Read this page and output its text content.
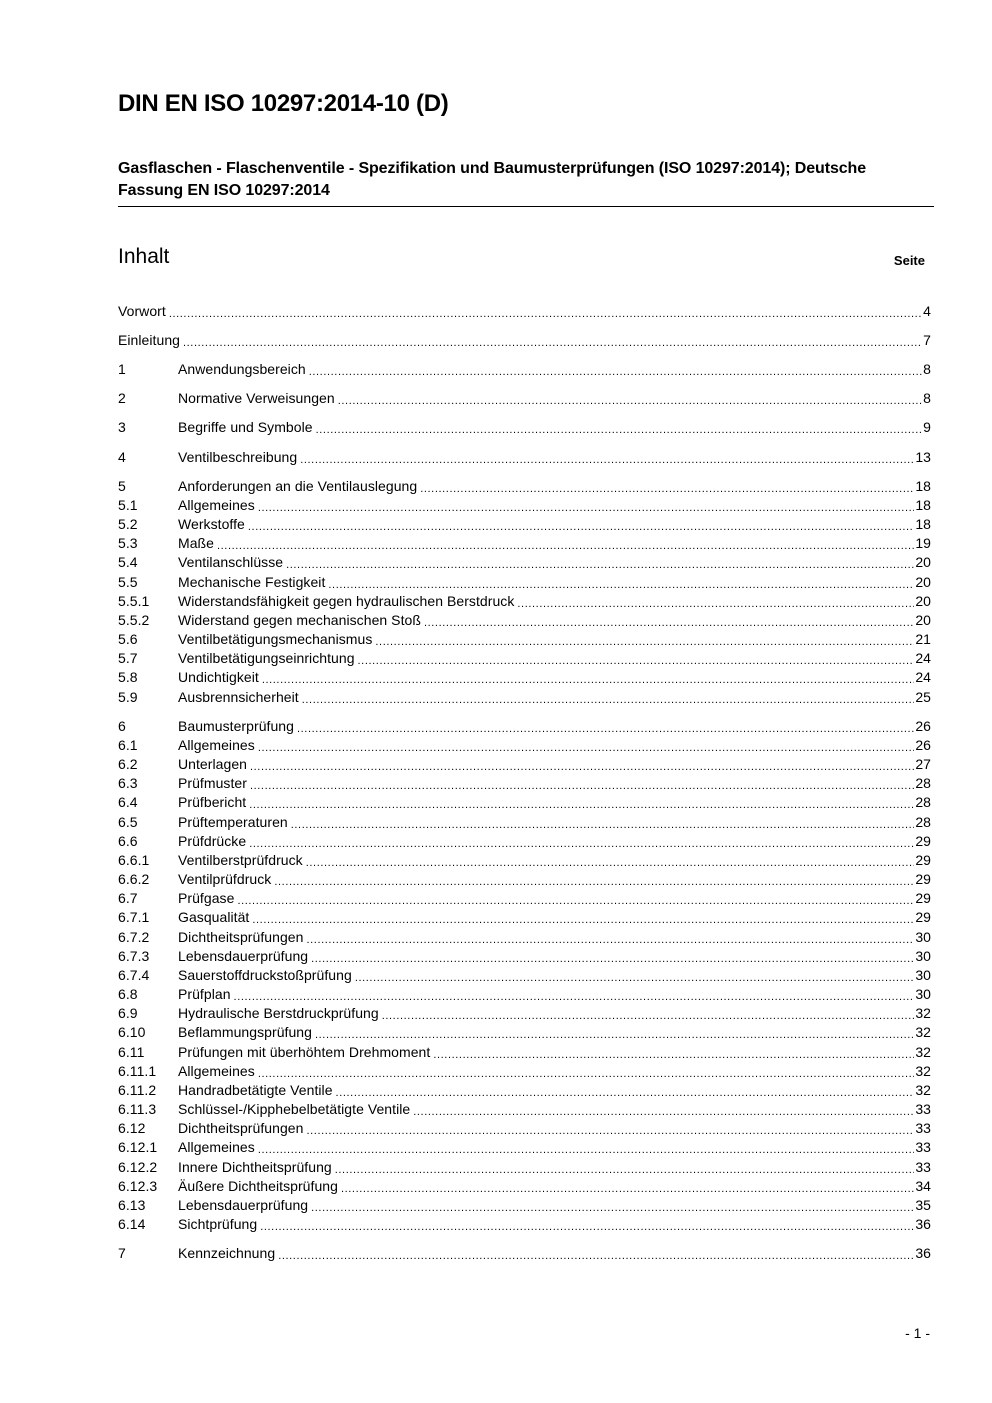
DIN EN ISO 10297:2014-10 (D)

Gasflaschen - Flaschenventile - Spezifikation und Baumusterprüfungen (ISO 10297:2014); Deutsche Fassung EN ISO 10297:2014

Inhalt	Seite
Vorwort .....	4
Einleitung .....	7
1	Anwendungsbereich .....	8
2	Normative Verweisungen .....	8
3	Begriffe und Symbole .....	9
4	Ventilbeschreibung .....	13
5	Anforderungen an die Ventilauslegung .....	18
5.1	Allgemeines .....	18
5.2	Werkstoffe .....	18
5.3	Maße .....	19
5.4	Ventilanschlüsse .....	20
5.5	Mechanische Festigkeit .....	20
5.5.1	Widerstandsfähigkeit gegen hydraulischen Berstdruck .....	20
5.5.2	Widerstand gegen mechanischen Stoß .....	20
5.6	Ventilbetätigungsmechanismus .....	21
5.7	Ventilbetätigungseinrichtung .....	24
5.8	Undichtigkeit .....	24
5.9	Ausbrennsicherheit .....	25
6	Baumusterprüfung .....	26
6.1	Allgemeines .....	26
6.2	Unterlagen .....	27
6.3	Prüfmuster .....	28
6.4	Prüfbericht .....	28
6.5	Prüftemperaturen .....	28
6.6	Prüfdrücke .....	29
6.6.1	Ventilberstprüfdruck .....	29
6.6.2	Ventilprüfdruck .....	29
6.7	Prüfgase .....	29
6.7.1	Gasqualität .....	29
6.7.2	Dichtheitsprüfungen .....	30
6.7.3	Lebensdauerprüfung .....	30
6.7.4	Sauerstoffdruckstoßprüfung .....	30
6.8	Prüfplan .....	30
6.9	Hydraulische Berstdruckprüfung .....	32
6.10	Beflammungsprüfung .....	32
6.11	Prüfungen mit überhöhtem Drehmoment .....	32
6.11.1	Allgemeines .....	32
6.11.2	Handradbetätigte Ventile .....	32
6.11.3	Schlüssel-/Kipphebelbetätigte Ventile .....	33
6.12	Dichtheitsprüfungen .....	33
6.12.1	Allgemeines .....	33
6.12.2	Innere Dichtheitsprüfung .....	33
6.12.3	Äußere Dichtheitsprüfung .....	34
6.13	Lebensdauerprüfung .....	35
6.14	Sichtprüfung .....	36
7	Kennzeichnung .....	36
- 1 -
